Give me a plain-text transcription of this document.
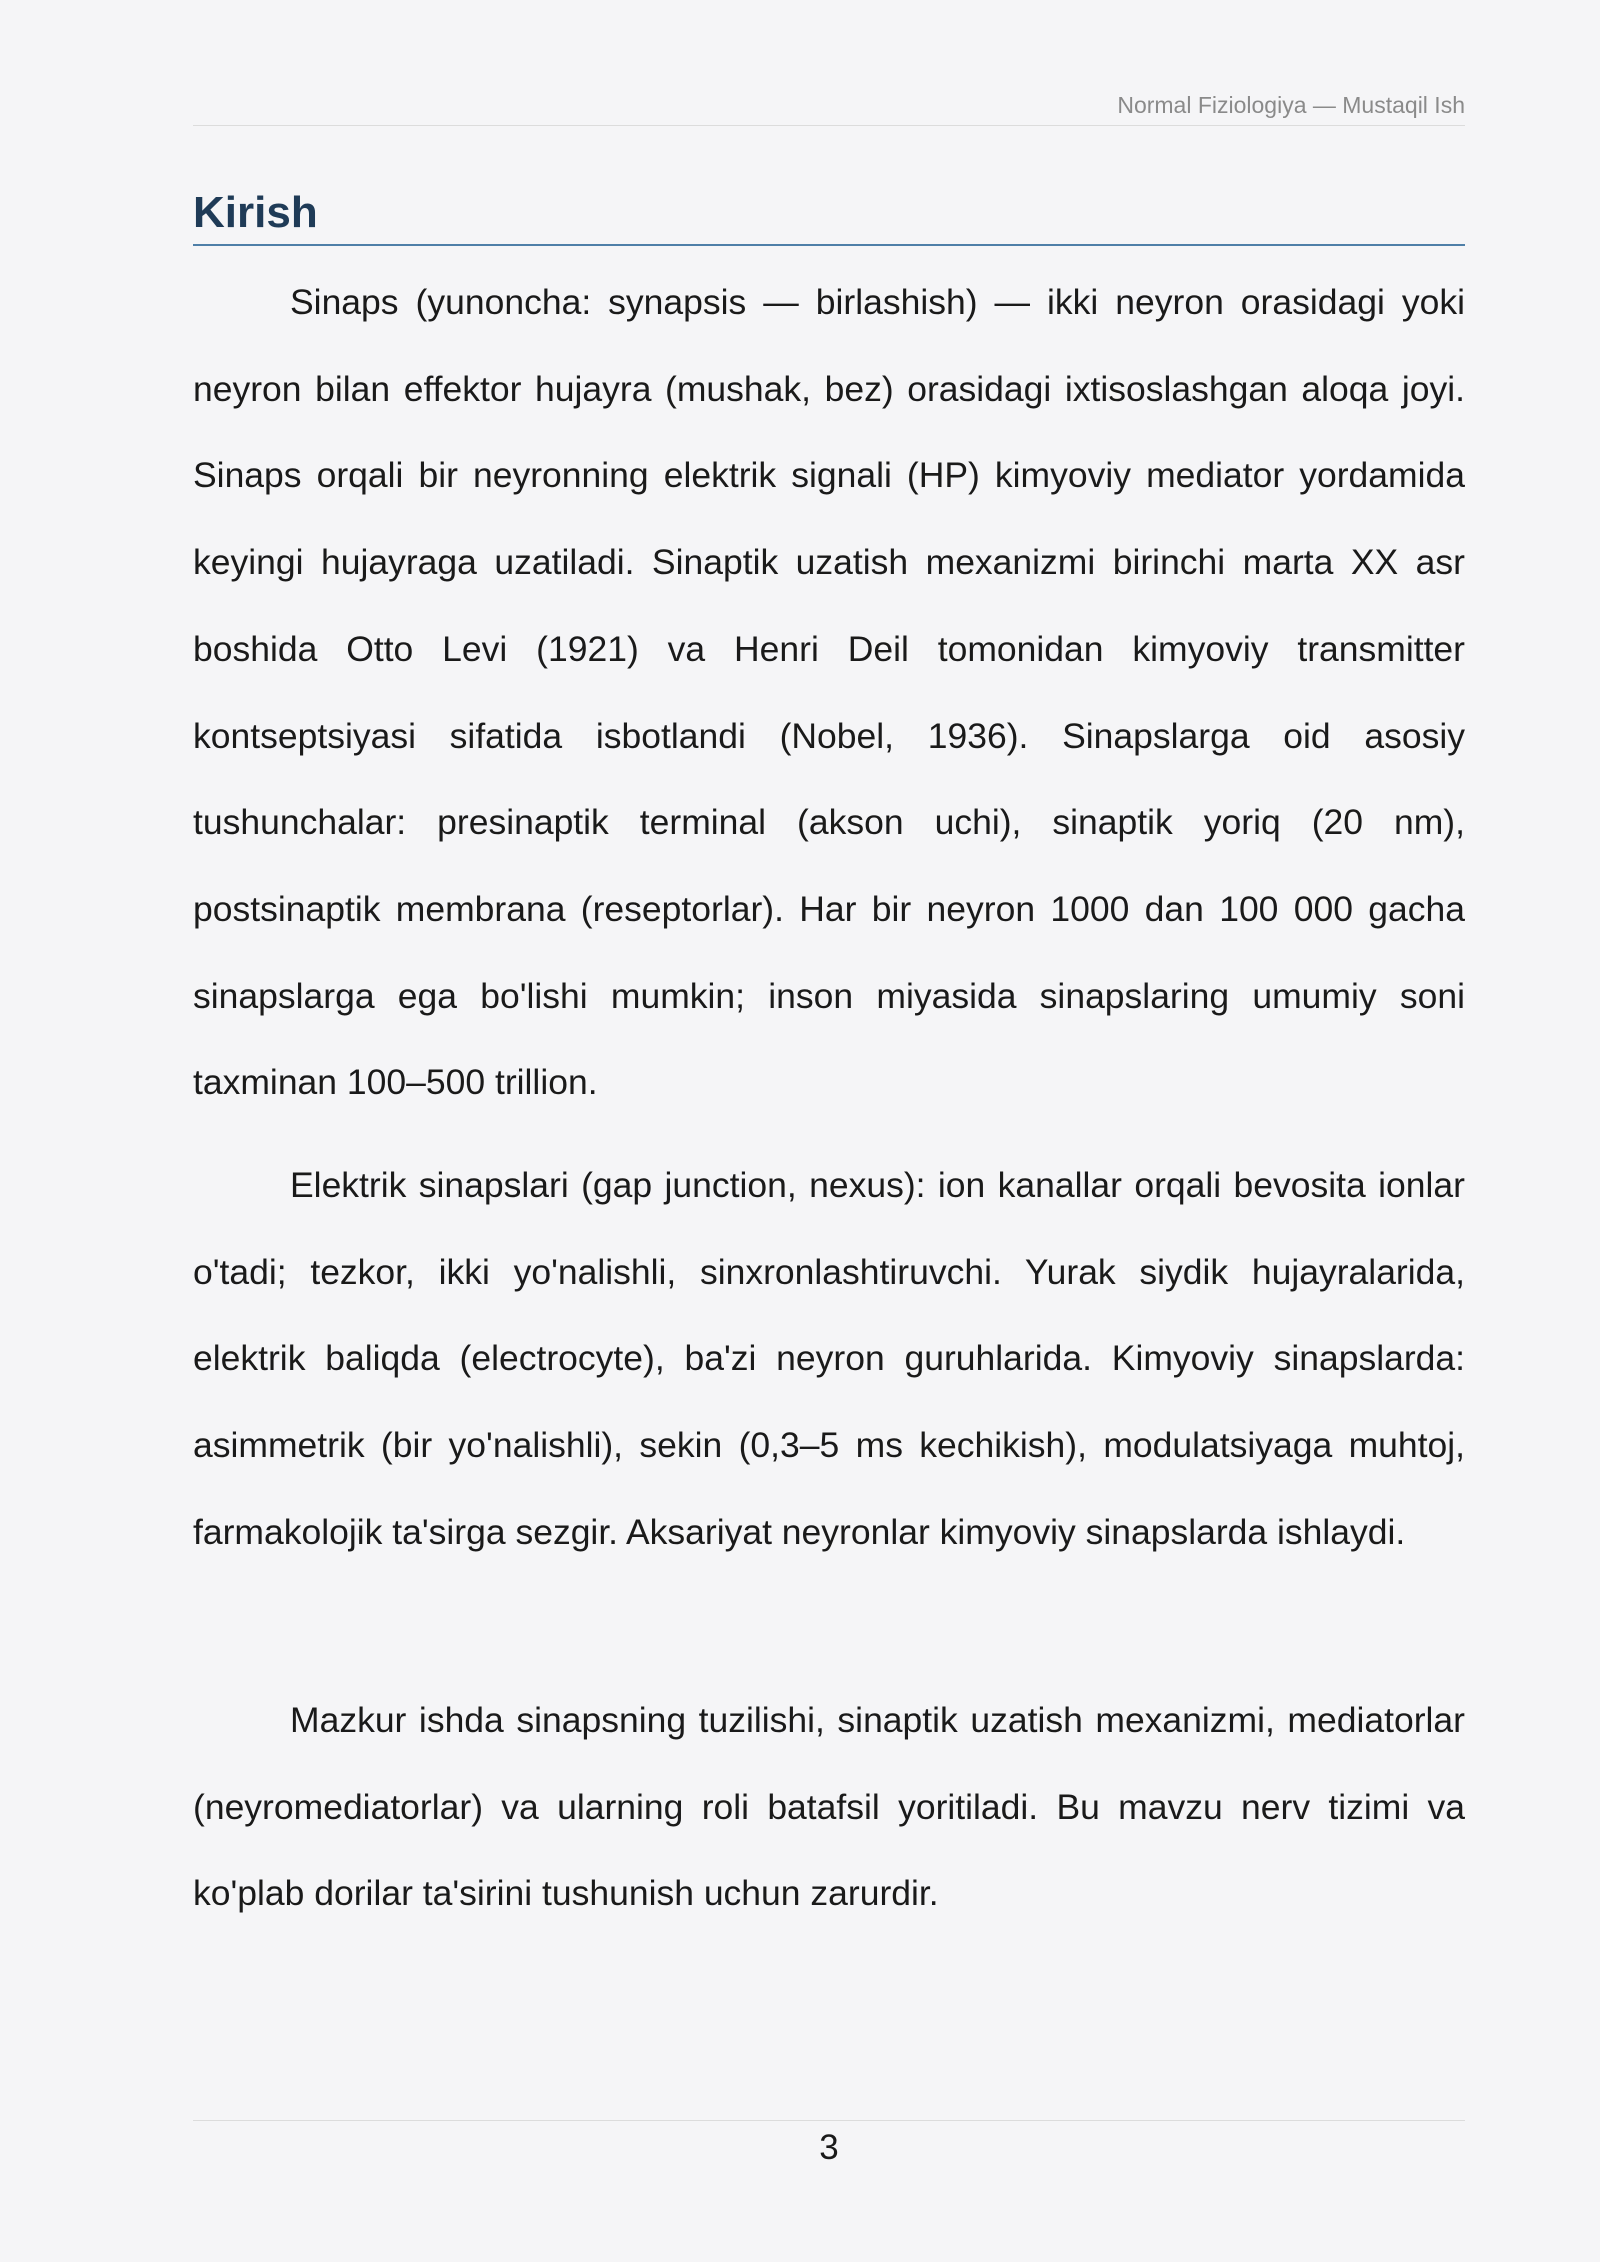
Normal Fiziologiya — Mustaqil Ish
Kirish

Sinaps (yunoncha: synapsis — birlashish) — ikki neyron orasidagi yoki neyron bilan effektor hujayra (mushak, bez) orasidagi ixtisoslashgan aloqa joyi. Sinaps orqali bir neyronning elektrik signali (HP) kimyoviy mediator yordamida keyingi hujayraga uzatiladi. Sinaptik uzatish mexanizmi birinchi marta XX asr boshida Otto Levi (1921) va Henri Deil tomonidan kimyoviy transmitter kontseptsiyasi sifatida isbotlandi (Nobel, 1936). Sinapslarga oid asosiy tushunchalar: presinaptik terminal (akson uchi), sinaptik yoriq (20 nm), postsinaptik membrana (reseptorlar). Har bir neyron 1000 dan 100 000 gacha sinapslarga ega bo'lishi mumkin; inson miyasida sinapslaring umumiy soni taxminan 100–500 trillion.

Elektrik sinapslari (gap junction, nexus): ion kanallar orqali bevosita ionlar o'tadi; tezkor, ikki yo'nalishli, sinxronlashtiruvchi. Yurak siydik hujayralarida, elektrik baliqda (electrocyte), ba'zi neyron guruhlarida. Kimyoviy sinapslarda: asimmetrik (bir yo'nalishli), sekin (0,3–5 ms kechikish), modulatsiyaga muhtoj, farmakolojik ta'sirga sezgir. Aksariyat neyronlar kimyoviy sinapslarda ishlaydi.

Mazkur ishda sinapsning tuzilishi, sinaptik uzatish mexanizmi, mediatorlar (neyromediatorlar) va ularning roli batafsil yoritiladi. Bu mavzu nerv tizimi va ko'plab dorilar ta'sirini tushunish uchun zarurdir.

3
